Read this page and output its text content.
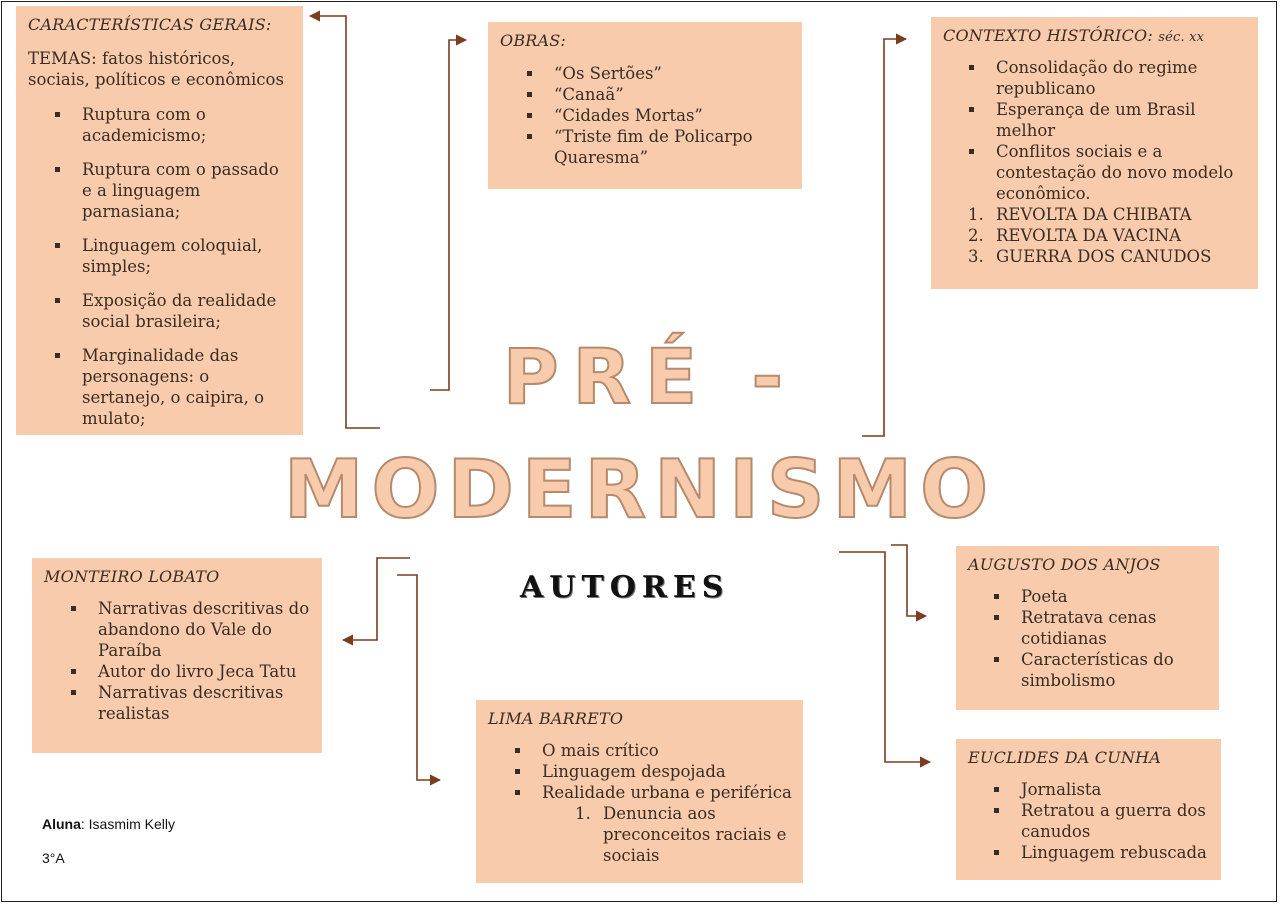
CARACTERÍSTICAS GERAIS:
TEMAS: fatos históricos, sociais, políticos e econômicos
Ruptura com o academicismo;
Ruptura com o passado e a linguagem parnasiana;
Linguagem coloquial, simples;
Exposição da realidade social brasileira;
Marginalidade das personagens: o sertanejo, o caipira, o mulato;
OBRAS:
“Os Sertões”
“Canaã”
“Cidades Mortas”
“Triste fim de Policarpo Quaresma”
CONTEXTO HISTÓRICO: séc. xx
Consolidação do regime republicano
Esperança de um Brasil melhor
Conflitos sociais e a contestação do novo modelo econômico.
1. REVOLTA DA CHIBATA
2. REVOLTA DA VACINA
3. GUERRA DOS CANUDOS
PRÉ -
MODERNISMO
AUTORES
MONTEIRO LOBATO
Narrativas descritivas do abandono do Vale do Paraíba
Autor do livro Jeca Tatu
Narrativas descritivas realistas	LIMA BARRETO
O mais crítico
Linguagem despojada
Realidade urbana e periférica
1. Denuncia aos preconceitos raciais e sociais
AUGUSTO DOS ANJOS
Poeta
Retratava cenas cotidianas
Características do simbolismo
EUCLIDES DA CUNHA
Jornalista
Retratou a guerra dos canudos
Linguagem rebuscada
Aluna: Isasmim Kelly
3°A
